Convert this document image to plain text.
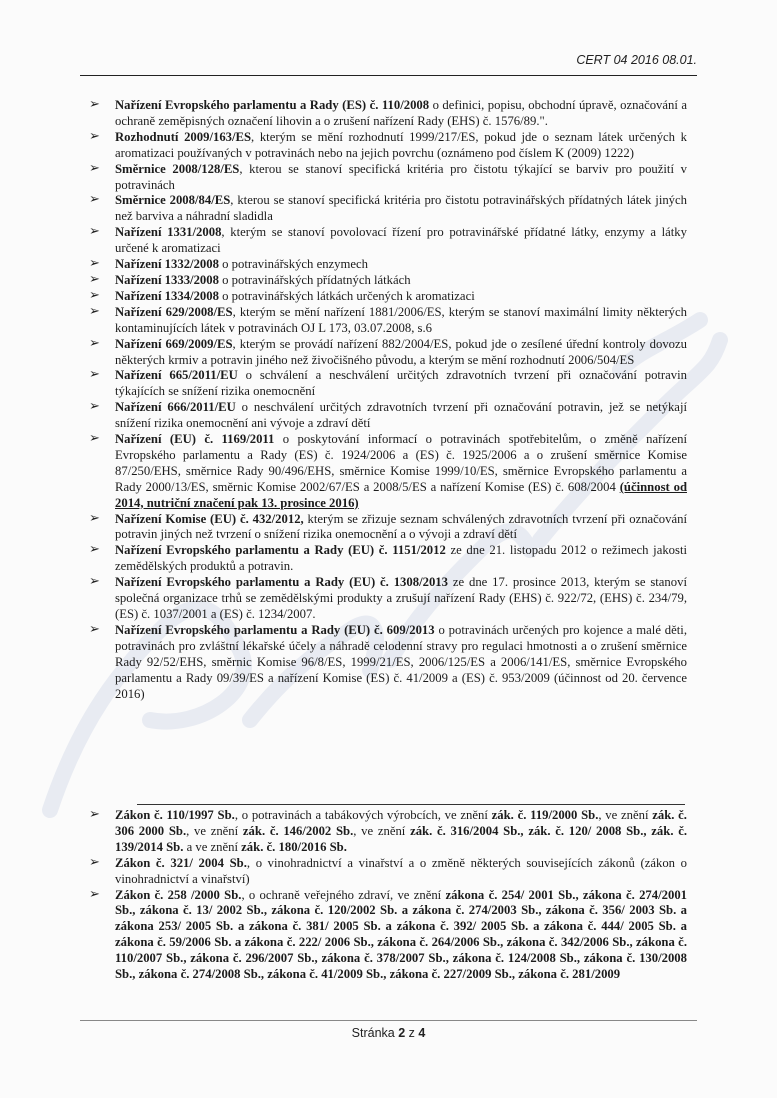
CERT 04 2016 08.01.
➢ Nařízení Evropského parlamentu a Rady (ES) č. 110/2008 o definici, popisu, obchodní úpravě, označování a ochraně zeměpisných označení lihovin a o zrušení nařízení Rady (EHS) č. 1576/89.".
➢ Rozhodnutí 2009/163/ES, kterým se mění rozhodnutí 1999/217/ES, pokud jde o seznam látek určených k aromatizaci používaných v potravinách nebo na jejich povrchu (oznámeno pod číslem K (2009) 1222)
➢ Směrnice 2008/128/ES, kterou se stanoví specifická kritéria pro čistotu týkající se barviv pro použití v potravinách
➢ Směrnice 2008/84/ES, kterou se stanoví specifická kritéria pro čistotu potravinářských přídatných látek jiných než barviva a náhradní sladidla
➢ Nařízení 1331/2008, kterým se stanoví povolovací řízení pro potravinářské přídatné látky, enzymy a látky určené k aromatizaci
➢ Nařízení 1332/2008 o potravinářských enzymech
➢ Nařízení 1333/2008 o potravinářských přídatných látkách
➢ Nařízení 1334/2008 o potravinářských látkách určených k aromatizaci
➢ Nařízení 629/2008/ES, kterým se mění nařízení 1881/2006/ES, kterým se stanoví maximální limity některých kontaminujících látek v potravinách OJ L 173, 03.07.2008, s.6
➢ Nařízení 669/2009/ES, kterým se provádí nařízení 882/2004/ES, pokud jde o zesílené úřední kontroly dovozu některých krmiv a potravin jiného než živočišného původu, a kterým se mění rozhodnutí 2006/504/ES
➢ Nařízení 665/2011/EU o schválení a neschválení určitých zdravotních tvrzení při označování potravin týkajících se snížení rizika onemocnění
➢ Nařízení 666/2011/EU o neschválení určitých zdravotních tvrzení při označování potravin, jež se netýkají snížení rizika onemocnění ani vývoje a zdraví dětí
➢ Nařízení (EU) č. 1169/2011 o poskytování informací o potravinách spotřebitelům, o změně nařízení Evropského parlamentu a Rady (ES) č. 1924/2006 a (ES) č. 1925/2006 a o zrušení směrnice Komise 87/250/EHS, směrnice Rady 90/496/EHS, směrnice Komise 1999/10/ES, směrnice Evropského parlamentu a Rady 2000/13/ES, směrnic Komise 2002/67/ES a 2008/5/ES a nařízení Komise (ES) č. 608/2004 (účinnost od 2014, nutriční značení pak 13. prosince 2016)
➢ Nařízení Komise (EU) č. 432/2012, kterým se zřizuje seznam schválených zdravotních tvrzení při označování potravin jiných než tvrzení o snížení rizika onemocnění a o vývoji a zdraví dětí
➢ Nařízení Evropského parlamentu a Rady (EU) č. 1151/2012 ze dne 21. listopadu 2012 o režimech jakosti zemědělských produktů a potravin.
➢ Nařízení Evropského parlamentu a Rady (EU) č. 1308/2013 ze dne 17. prosince 2013, kterým se stanoví společná organizace trhů se zemědělskými produkty a zrušují nařízení Rady (EHS) č. 922/72, (EHS) č. 234/79, (ES) č. 1037/2001 a (ES) č. 1234/2007.
➢ Nařízení Evropského parlamentu a Rady (EU) č. 609/2013 o potravinách určených pro kojence a malé děti, potravinách pro zvláštní lékařské účely a náhradě celodenní stravy pro regulaci hmotnosti a o zrušení směrnice Rady 92/52/EHS, směrnic Komise 96/8/ES, 1999/21/ES, 2006/125/ES a 2006/141/ES, směrnice Evropského parlamentu a Rady 09/39/ES a nařízení Komise (ES) č. 41/2009 a (ES) č. 953/2009 (účinnost od 20. července 2016)
➢ Zákon č. 110/1997 Sb., o potravinách a tabákových výrobcích, ve znění zák. č. 119/2000 Sb., ve znění zák. č. 306 2000 Sb., ve znění zák. č. 146/2002 Sb., ve znění zák. č. 316/2004 Sb., zák. č. 120/ 2008 Sb., zák. č. 139/2014 Sb. a ve znění zák. č. 180/2016 Sb.
➢ Zákon č. 321/ 2004 Sb., o vinohradnictví a vinařství a o změně některých souvisejících zákonů (zákon o vinohradnictví a vinařství)
➢ Zákon č. 258 /2000 Sb., o ochraně veřejného zdraví, ve znění zákona č. 254/ 2001 Sb., zákona č. 274/2001 Sb., zákona č. 13/ 2002 Sb., zákona č. 120/2002 Sb. a zákona č. 274/2003 Sb., zákona č. 356/ 2003 Sb. a zákona 253/ 2005 Sb. a zákona č. 381/ 2005 Sb. a zákona č. 392/ 2005 Sb. a zákona č. 444/ 2005 Sb. a zákona č. 59/2006 Sb. a zákona č. 222/ 2006 Sb., zákona č. 264/2006 Sb., zákona č. 342/2006 Sb., zákona č. 110/2007 Sb., zákona č. 296/2007 Sb., zákona č. 378/2007 Sb., zákona č. 124/2008 Sb., zákona č. 130/2008 Sb., zákona č. 274/2008 Sb., zákona č. 41/2009 Sb., zákona č. 227/2009 Sb., zákona č. 281/2009
Stránka 2 z 4
